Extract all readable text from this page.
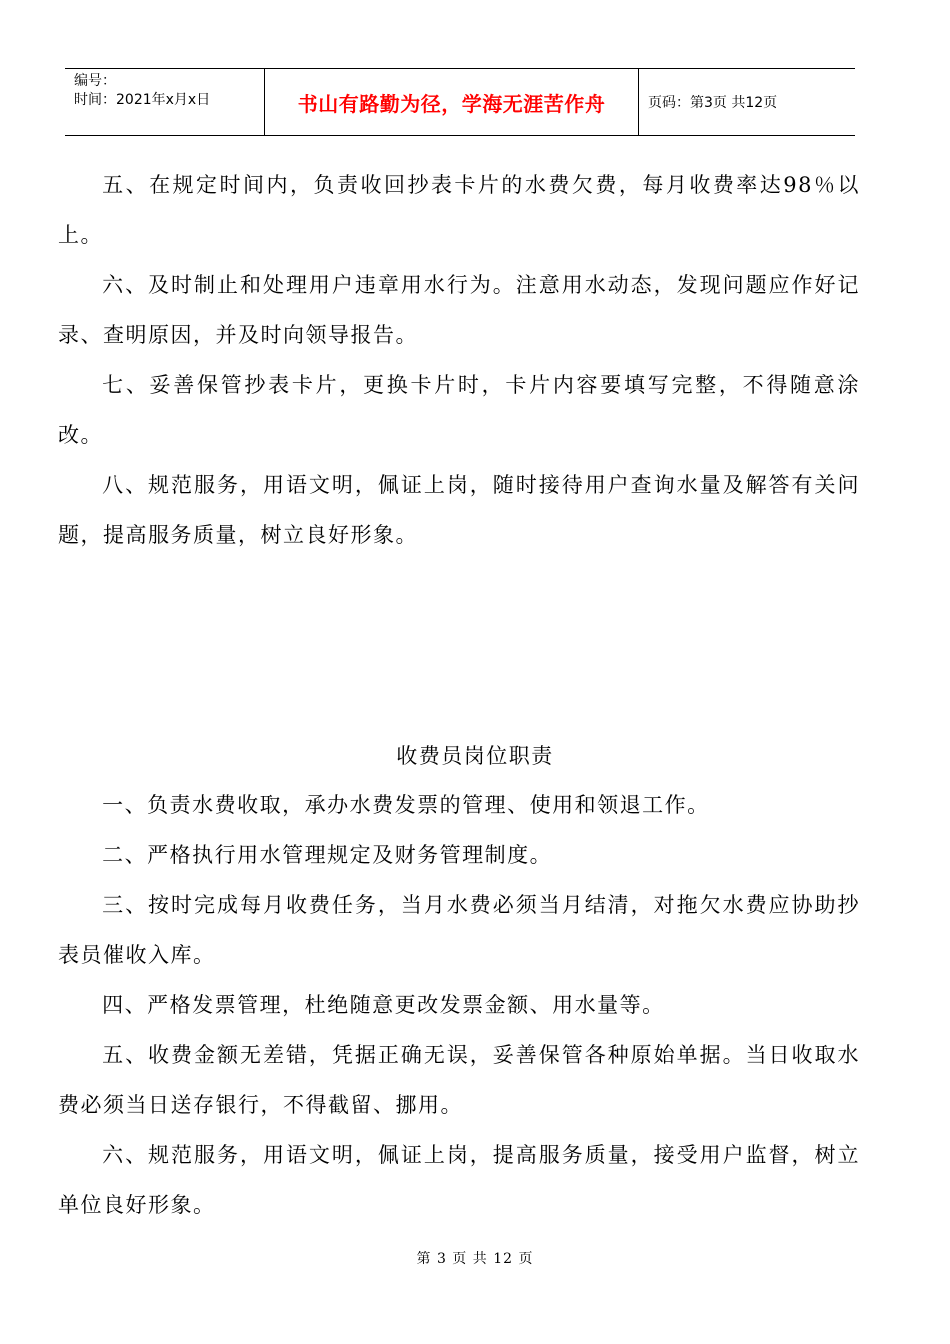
编号：
时间：2021年x月x日	书山有路勤为径，学海无涯苦作舟	页码：第3页 共12页

五、在规定时间内，负责收回抄表卡片的水费欠费，每月收费率达98％以上。

六、及时制止和处理用户违章用水行为。注意用水动态，发现问题应作好记录、查明原因，并及时向领导报告。

七、妥善保管抄表卡片，更换卡片时，卡片内容要填写完整，不得随意涂改。

八、规范服务，用语文明，佩证上岗，随时接待用户查询水量及解答有关问题，提高服务质量，树立良好形象。

收费员岗位职责

一、负责水费收取，承办水费发票的管理、使用和领退工作。

二、严格执行用水管理规定及财务管理制度。

三、按时完成每月收费任务，当月水费必须当月结清，对拖欠水费应协助抄表员催收入库。

四、严格发票管理，杜绝随意更改发票金额、用水量等。

五、收费金额无差错，凭据正确无误，妥善保管各种原始单据。当日收取水费必须当日送存银行，不得截留、挪用。

六、规范服务，用语文明，佩证上岗，提高服务质量，接受用户监督，树立单位良好形象。

第 3 页 共 12 页
